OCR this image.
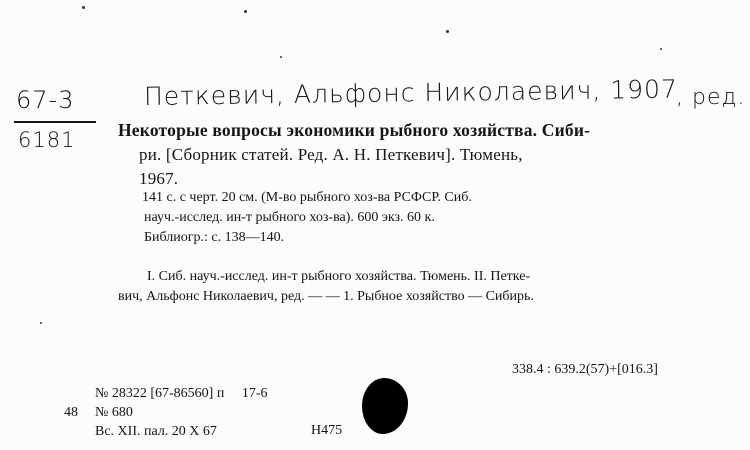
67-3
6181
Петкевич, Альфонс Николаевич, 1907
, ред.
Некоторые вопросы экономики рыбного хозяйства. Сиби-
ри. [Сборник статей. Ред. А. Н. Петкевич]. Тюмень,
1967.
141 с. с черт. 20 см. (М-во рыбного хоз-ва РСФСР. Сиб.
науч.-исслед. ин-т рыбного хоз-ва). 600 экз. 60 к.
Библиогр.: с. 138—140.
I. Сиб. науч.-исслед. ин-т рыбного хозяйства. Тюмень. II. Петке-
вич, Альфонс Николаевич, ред. — — 1. Рыбное хозяйство — Сибирь.
338.4 : 639.2(57)+[016.3]
№ 28322 [67-86560] п     17-6
48 № 680
Вс. XII. пал. 20 X 67	Н475
